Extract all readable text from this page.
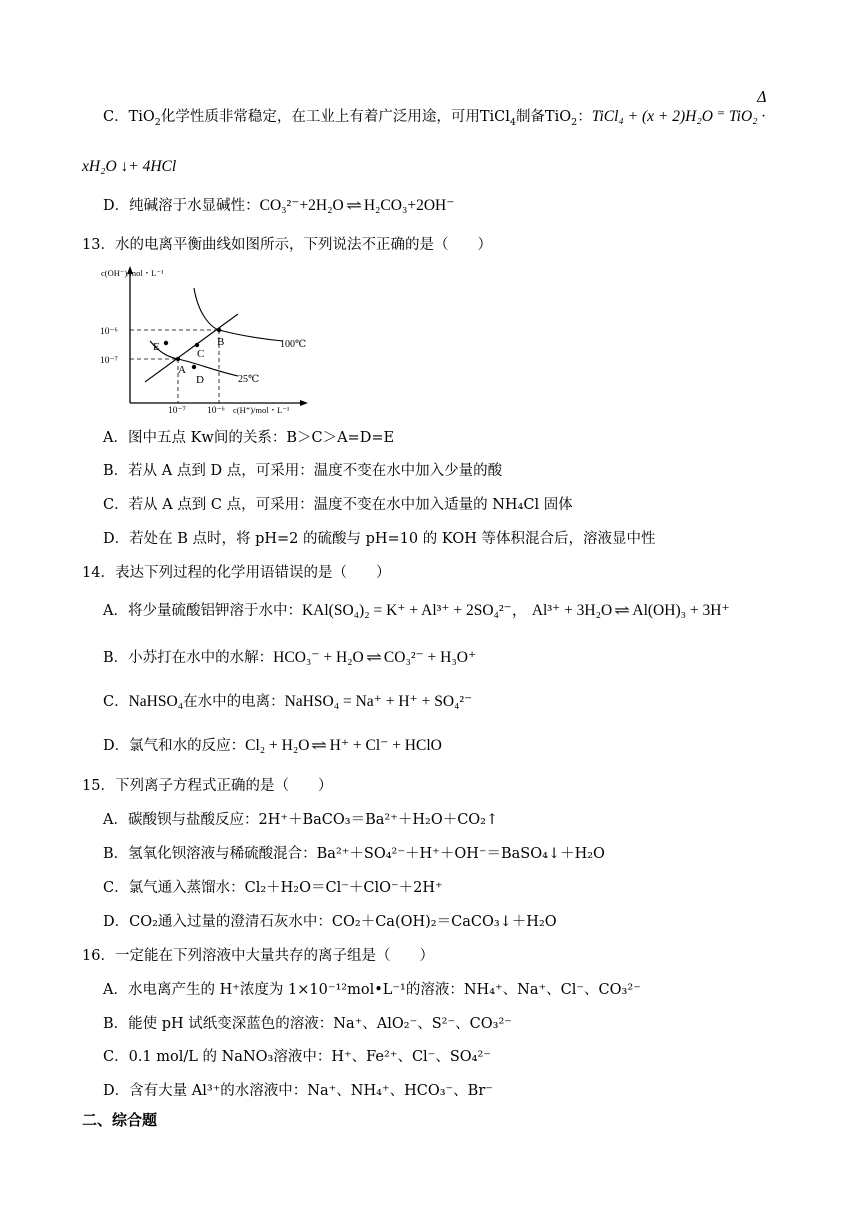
C．TiO$_2$化学性质非常稳定，在工业上有着广泛用途，可用TiCl$_4$制备TiO$_2$：TiCl₄ + (x + 2)H₂O ⁼ TiO₂ ·
Δ
xH₂O ↓+ 4HCl
D．纯碱溶于水显碱性：CO₃²⁻+2H₂O ⇌ H₂CO₃+2OH⁻
13．水的电离平衡曲线如图所示，下列说法不正确的是（　　）
c(OH⁻)/mol・L⁻¹
10⁻⁶
10⁻⁷
10⁻⁷ 10⁻⁶ c(H⁺)/mol・L⁻¹
100℃
25℃
E
A
C
B
D
A．图中五点 Kw间的关系：B＞C＞A=D=E
B．若从 A 点到 D 点，可采用：温度不变在水中加入少量的酸
C．若从 A 点到 C 点，可采用：温度不变在水中加入适量的 NH₄Cl 固体
D．若处在 B 点时，将 pH=2 的硫酸与 pH=10 的 KOH 等体积混合后，溶液显中性
14．表达下列过程的化学用语错误的是（　　）
A．将少量硫酸铝钾溶于水中：KAl(SO₄)₂ = K⁺ + Al³⁺ + 2SO₄²⁻， Al³⁺ + 3H₂O ⇌ Al(OH)₃ + 3H⁺
B．小苏打在水中的水解：HCO₃⁻ + H₂O ⇌ CO₃²⁻ + H₃O⁺
C．NaHSO₄在水中的电离：NaHSO₄ = Na⁺ + H⁺ + SO₄²⁻
D．氯气和水的反应：Cl₂ + H₂O ⇌ H⁺ + Cl⁻ + HClO
15．下列离子方程式正确的是（　　）
A．碳酸钡与盐酸反应：2H⁺＋BaCO₃＝Ba²⁺＋H₂O＋CO₂↑
B．氢氧化钡溶液与稀硫酸混合：Ba²⁺＋SO₄²⁻＋H⁺＋OH⁻＝BaSO₄↓＋H₂O
C．氯气通入蒸馏水：Cl₂＋H₂O＝Cl⁻＋ClO⁻＋2H⁺
D．CO₂通入过量的澄清石灰水中：CO₂＋Ca(OH)₂＝CaCO₃↓＋H₂O
16．一定能在下列溶液中大量共存的离子组是（　　）
A．水电离产生的 H⁺浓度为 1×10⁻¹²mol•L⁻¹的溶液：NH₄⁺、Na⁺、Cl⁻、CO₃²⁻
B．能使 pH 试纸变深蓝色的溶液：Na⁺、AlO₂⁻、S²⁻、CO₃²⁻
C．0.1 mol/L 的 NaNO₃溶液中：H⁺、Fe²⁺、Cl⁻、SO₄²⁻
D．含有大量 Al³⁺的水溶液中：Na⁺、NH₄⁺、HCO₃⁻、Br⁻
二、综合题
